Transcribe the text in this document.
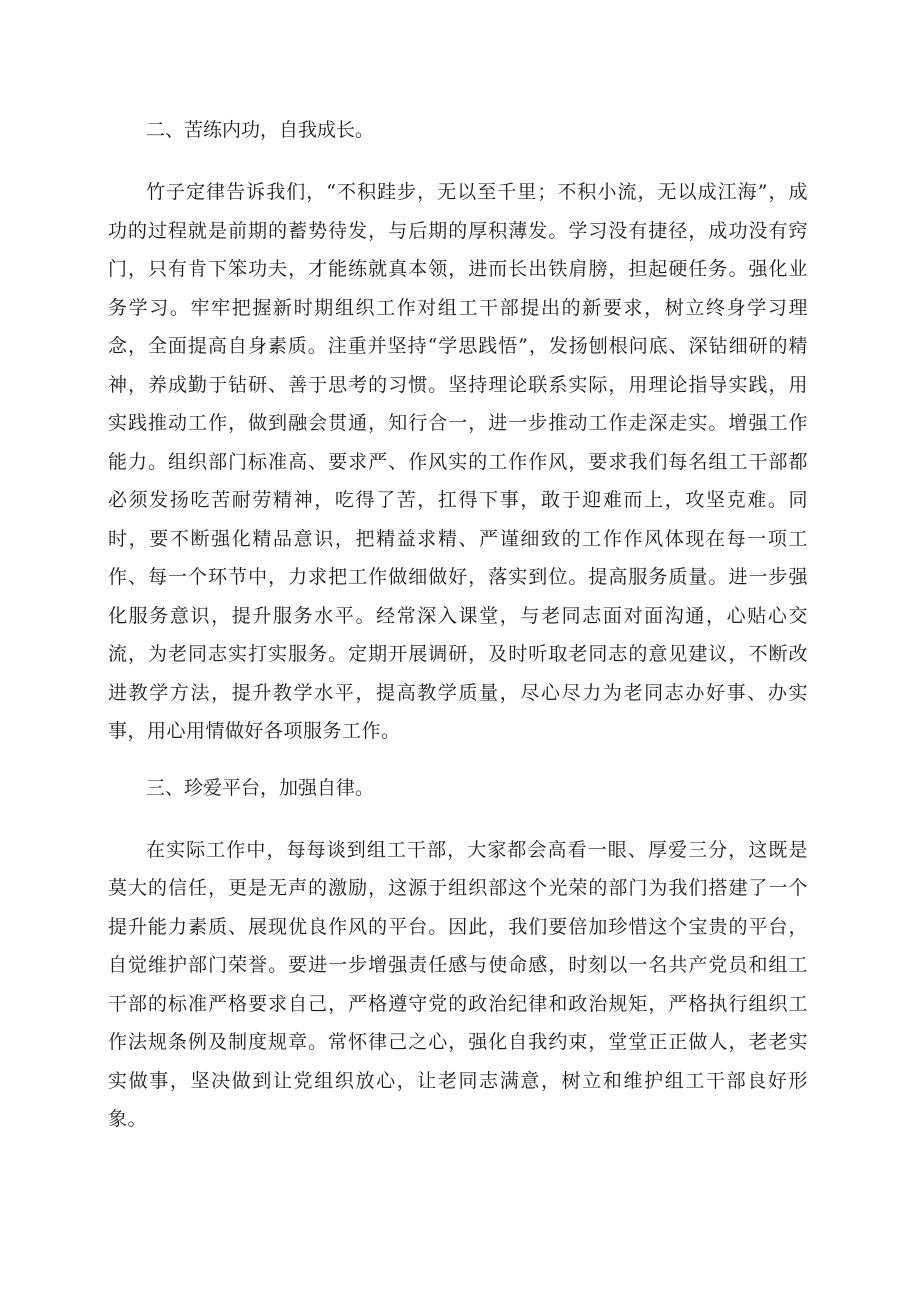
二、苦练内功，自我成长。

竹子定律告诉我们，“不积跬步，无以至千里；不积小流，无以成江海”，成功的过程就是前期的蓄势待发，与后期的厚积薄发。学习没有捷径，成功没有窍门，只有肯下笨功夫，才能练就真本领，进而长出铁肩膀，担起硬任务。强化业务学习。牢牢把握新时期组织工作对组工干部提出的新要求，树立终身学习理念，全面提高自身素质。注重并坚持“学思践悟”，发扬刨根问底、深钻细研的精神，养成勤于钻研、善于思考的习惯。坚持理论联系实际，用理论指导实践，用实践推动工作，做到融会贯通，知行合一，进一步推动工作走深走实。增强工作能力。组织部门标准高、要求严、作风实的工作作风，要求我们每名组工干部都必须发扬吃苦耐劳精神，吃得了苦，扛得下事，敢于迎难而上，攻坚克难。同时，要不断强化精品意识，把精益求精、严谨细致的工作作风体现在每一项工作、每一个环节中，力求把工作做细做好，落实到位。提高服务质量。进一步强化服务意识，提升服务水平。经常深入课堂，与老同志面对面沟通，心贴心交流，为老同志实打实服务。定期开展调研，及时听取老同志的意见建议，不断改进教学方法，提升教学水平，提高教学质量，尽心尽力为老同志办好事、办实事，用心用情做好各项服务工作。

三、珍爱平台，加强自律。

在实际工作中，每每谈到组工干部，大家都会高看一眼、厚爱三分，这既是莫大的信任，更是无声的激励，这源于组织部这个光荣的部门为我们搭建了一个提升能力素质、展现优良作风的平台。因此，我们要倍加珍惜这个宝贵的平台，自觉维护部门荣誉。要进一步增强责任感与使命感，时刻以一名共产党员和组工干部的标准严格要求自己，严格遵守党的政治纪律和政治规矩，严格执行组织工作法规条例及制度规章。常怀律己之心，强化自我约束，堂堂正正做人，老老实实做事，坚决做到让党组织放心，让老同志满意，树立和维护组工干部良好形象。
